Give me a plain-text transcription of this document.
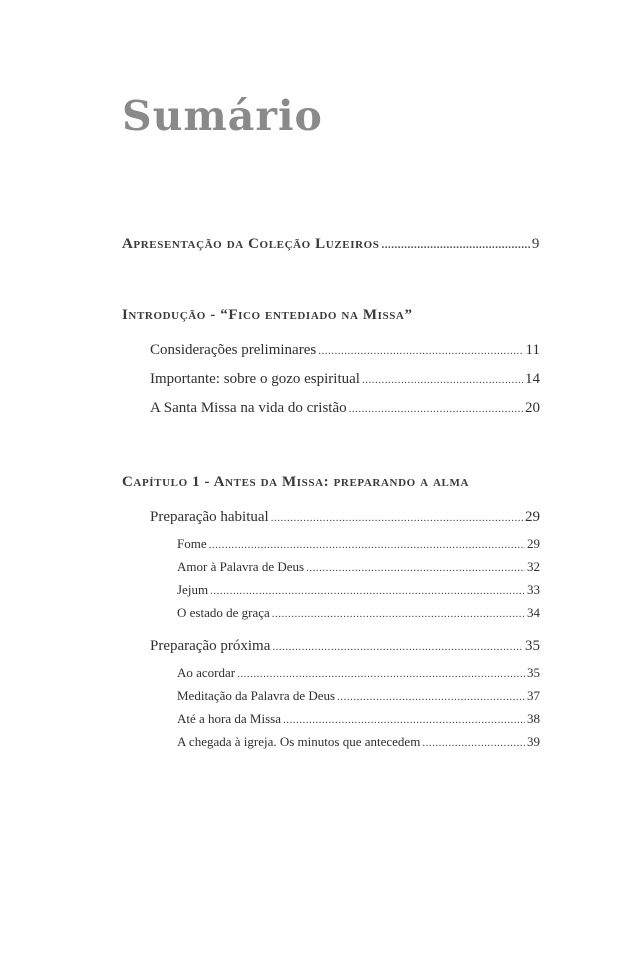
Sumário
Apresentação da Coleção Luzeiros .....	9
Introdução - “Fico entediado na Missa”
Considerações preliminares .....	11
Importante: sobre o gozo espiritual .....	14
A Santa Missa na vida do cristão .....	20
Capítulo 1 - Antes da Missa: preparando a alma
Preparação habitual .....	29
Fome .....	29
Amor à Palavra de Deus .....	32
Jejum .....	33
O estado de graça .....	34
Preparação próxima .....	35
Ao acordar .....	35
Meditação da Palavra de Deus .....	37
Até a hora da Missa .....	38
A chegada à igreja. Os minutos que antecedem .....	39
